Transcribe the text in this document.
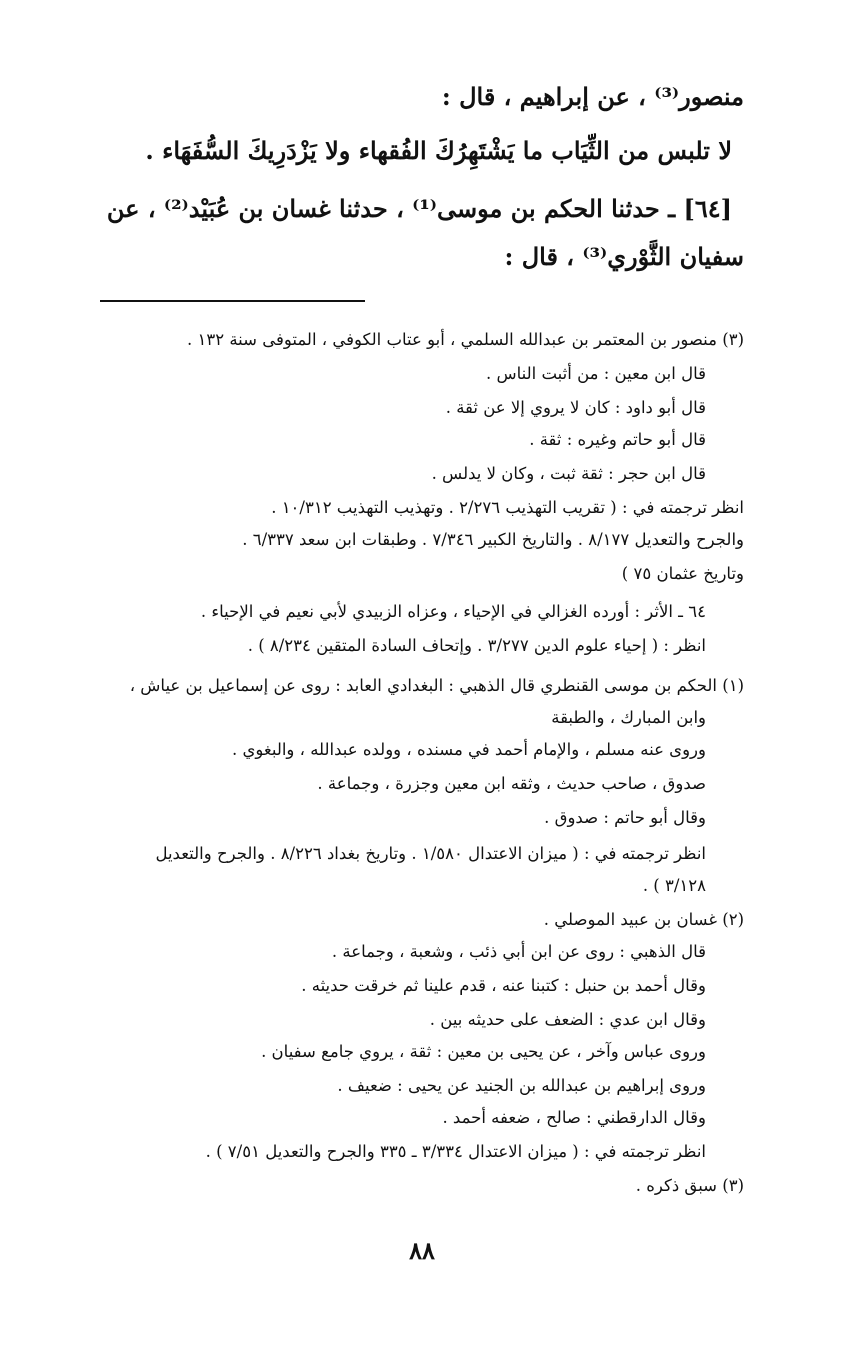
منصور⁽³⁾ ، عن إبراهيم ، قال :
لا تلبس من الثِّيَاب ما يَشْتَهِرُكَ الفُقهاء ولا يَزْدَرِيكَ السُّفَهَاء .
[٦٤] ـ حدثنا الحكم بن موسى⁽¹⁾ ، حدثنا غسان بن عُبَيْد⁽²⁾ ، عن
سفيان الثَّوْري⁽³⁾ ، قال :
(٣) منصور بن المعتمر بن عبدالله السلمي ، أبو عتاب الكوفي ، المتوفى سنة ١٣٢ .
قال ابن معين : من أثبت الناس .
قال أبو داود : كان لا يروي إلا عن ثقة .
قال أبو حاتم وغيره : ثقة .
قال ابن حجر : ثقة ثبت ، وكان لا يدلس .
انظر ترجمته في : ( تقريب التهذيب ٢/٢٧٦ . وتهذيب التهذيب ١٠/٣١٢ .
والجرح والتعديل ٨/١٧٧ . والتاريخ الكبير ٧/٣٤٦ . وطبقات ابن سعد ٦/٣٣٧ .
وتاريخ عثمان ٧٥ )
٦٤ ـ الأثر : أورده الغزالي في الإحياء ، وعزاه الزبيدي لأبي نعيم في الإحياء .
انظر : ( إحياء علوم الدين ٣/٢٧٧ . وإتحاف السادة المتقين ٨/٢٣٤ ) .
(١) الحكم بن موسى القنطري قال الذهبي : البغدادي العابد : روى عن إسماعيل بن عياش ،
وابن المبارك ، والطبقة
وروى عنه مسلم ، والإمام أحمد في مسنده ، وولده عبدالله ، والبغوي .
صدوق ، صاحب حديث ، وثقه ابن معين وجزرة ، وجماعة .
وقال أبو حاتم : صدوق .
انظر ترجمته في : ( ميزان الاعتدال ١/٥٨٠ . وتاريخ بغداد ٨/٢٢٦ . والجرح والتعديل
٣/١٢٨ ) .
(٢) غسان بن عبيد الموصلي .
قال الذهبي : روى عن ابن أبي ذئب ، وشعبة ، وجماعة .
وقال أحمد بن حنبل : كتبنا عنه ، قدم علينا ثم خرقت حديثه .
وقال ابن عدي : الضعف على حديثه بين .
وروى عباس وآخر ، عن يحيى بن معين : ثقة ، يروي جامع سفيان .
وروى إبراهيم بن عبدالله بن الجنيد عن يحيى : ضعيف .
وقال الدارقطني : صالح ، ضعفه أحمد .
انظر ترجمته في : ( ميزان الاعتدال ٣/٣٣٤ ـ ٣٣٥ والجرح والتعديل ٧/٥١ ) .
(٣) سبق ذكره .
٨٨
